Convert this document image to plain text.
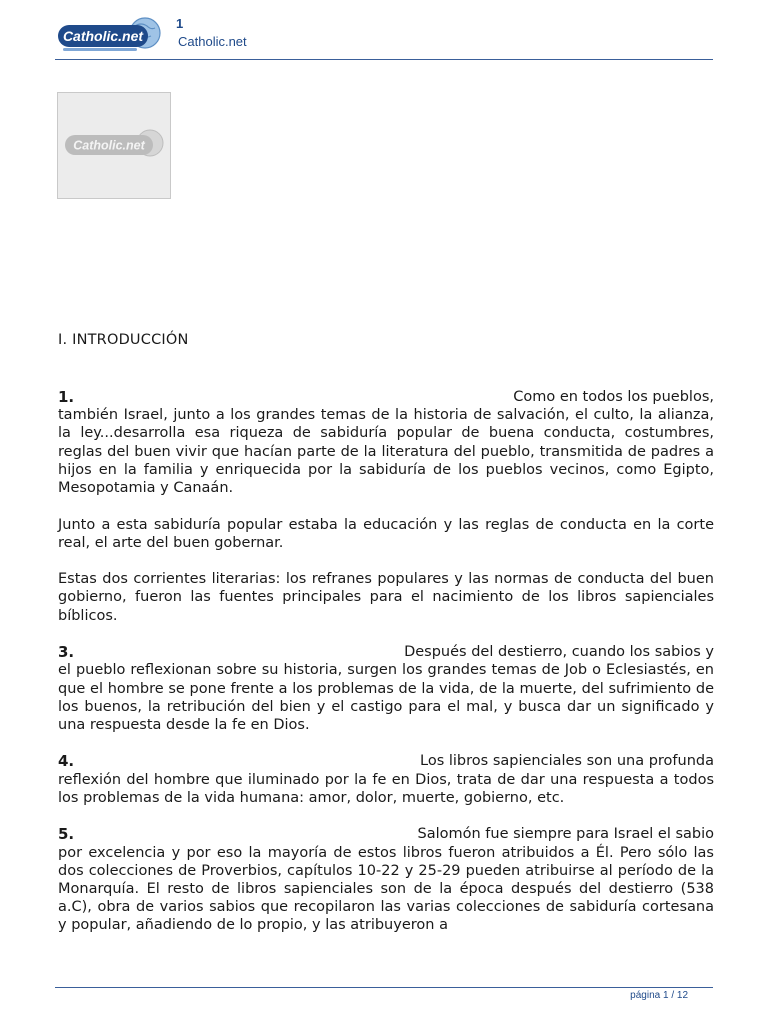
Catholic.net
1
Catholic.net
Catholic.net
I. INTRODUCCIÓN
1.	Como en todos los pueblos,
también Israel, junto a los grandes temas de la historia de salvación, el culto, la alianza, la ley...desarrolla esa riqueza de sabiduría popular de buena conducta, costumbres, reglas del buen vivir que hacían parte de la literatura del pueblo, transmitida de padres a hijos en la familia y enriquecida por la sabiduría de los pueblos vecinos, como Egipto, Mesopotamia y Canaán.
Junto a esta sabiduría popular estaba la educación y las reglas de conducta en la corte real, el arte del buen gobernar.
Estas dos corrientes literarias: los refranes populares y las normas de conducta del buen gobierno, fueron las fuentes principales para el nacimiento de los libros sapienciales bíblicos.
3.	Después del destierro, cuando los sabios y
el pueblo reflexionan sobre su historia, surgen los grandes temas de Job o Eclesiastés, en que el hombre se pone frente a los problemas de la vida, de la muerte, del sufrimiento de los buenos, la retribución del bien y el castigo para el mal, y busca dar un significado y una respuesta desde la fe en Dios.
4.	Los libros sapienciales son una profunda
reflexión del hombre que iluminado por la fe en Dios, trata de dar una respuesta a todos los problemas de la vida humana: amor, dolor, muerte, gobierno, etc.
5.	Salomón fue siempre para Israel el sabio
por excelencia y por eso la mayoría de estos libros fueron atribuidos a Él. Pero sólo las dos colecciones de Proverbios, capítulos 10-22 y 25-29 pueden atribuirse al período de la Monarquía. El resto de libros sapienciales son de la época después del destierro (538 a.C), obra de varios sabios que recopilaron las varias colecciones de sabiduría cortesana y popular, añadiendo de lo propio, y las atribuyeron a
página 1 / 12
